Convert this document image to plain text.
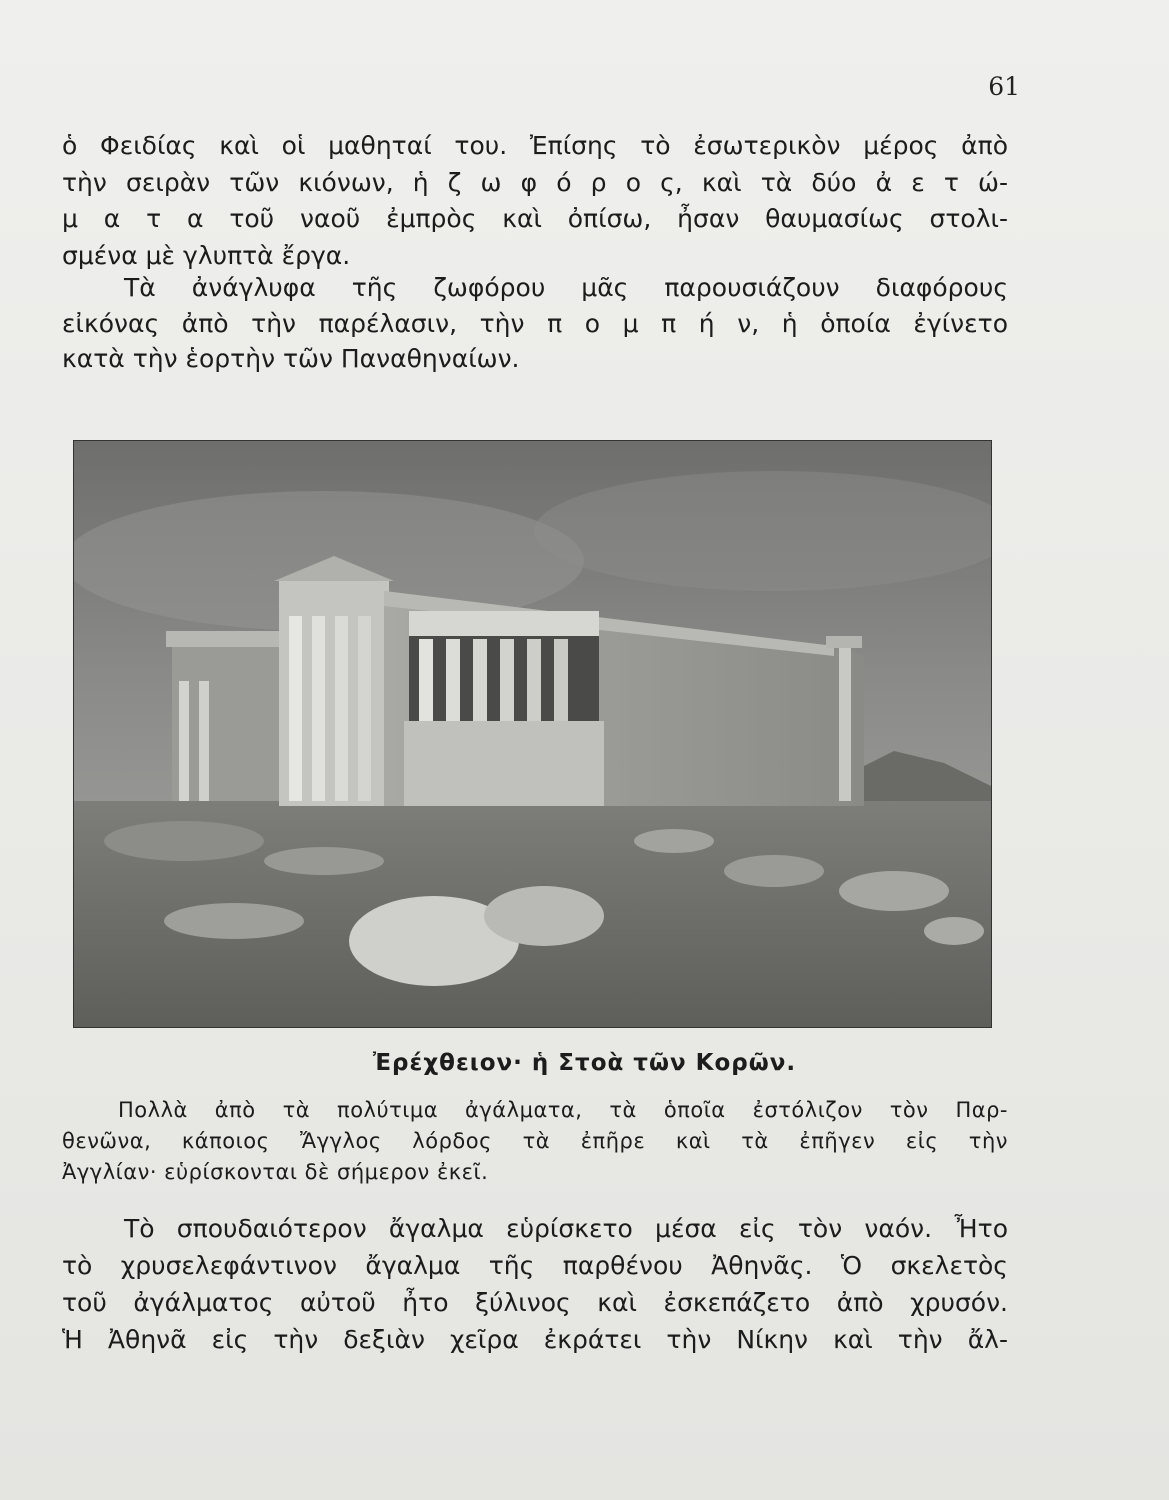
61
ὁ Φειδίας καὶ οἱ μαθηταί του. Ἐπίσης τὸ ἐσωτερικὸν μέρος ἀπὸ
τὴν σειρὰν τῶν κιόνων, ἡ ζ ω φ ό ρ ο ς, καὶ τὰ δύο ἀ ε τ ώ-
μ α τ α τοῦ ναοῦ ἐμπρὸς καὶ ὀπίσω, ἦσαν θαυμασίως στολι-
σμένα μὲ γλυπτὰ ἔργα.
Τὰ ἀνάγλυφα τῆς ζωφόρου μᾶς παρουσιάζουν διαφόρους
εἰκόνας ἀπὸ τὴν παρέλασιν, τὴν π ο μ π ή ν, ἡ ὁποία ἐγίνετο
κατὰ τὴν ἑορτὴν τῶν Παναθηναίων.
Ἐρέχθειον· ἡ Στοὰ τῶν Κορῶν.
Πολλὰ ἀπὸ τὰ πολύτιμα ἀγάλματα, τὰ ὁποῖα ἐστόλιζον τὸν Παρ-
θενῶνα, κάποιος Ἄγγλος λόρδος τὰ ἐπῆρε καὶ τὰ ἐπῆγεν εἰς τὴν
Ἀγγλίαν· εὑρίσκονται δὲ σήμερον ἐκεῖ.
Τὸ σπουδαιότερον ἄγαλμα εὑρίσκετο μέσα εἰς τὸν ναόν. Ἦτο
τὸ χρυσελεφάντινον ἄγαλμα τῆς παρθένου Ἀθηνᾶς. Ὁ σκελετὸς
τοῦ ἀγάλματος αὐτοῦ ἦτο ξύλινος καὶ ἐσκεπάζετο ἀπὸ χρυσόν.
Ἡ Ἀθηνᾶ εἰς τὴν δεξιὰν χεῖρα ἐκράτει τὴν Νίκην καὶ τὴν ἄλ-
